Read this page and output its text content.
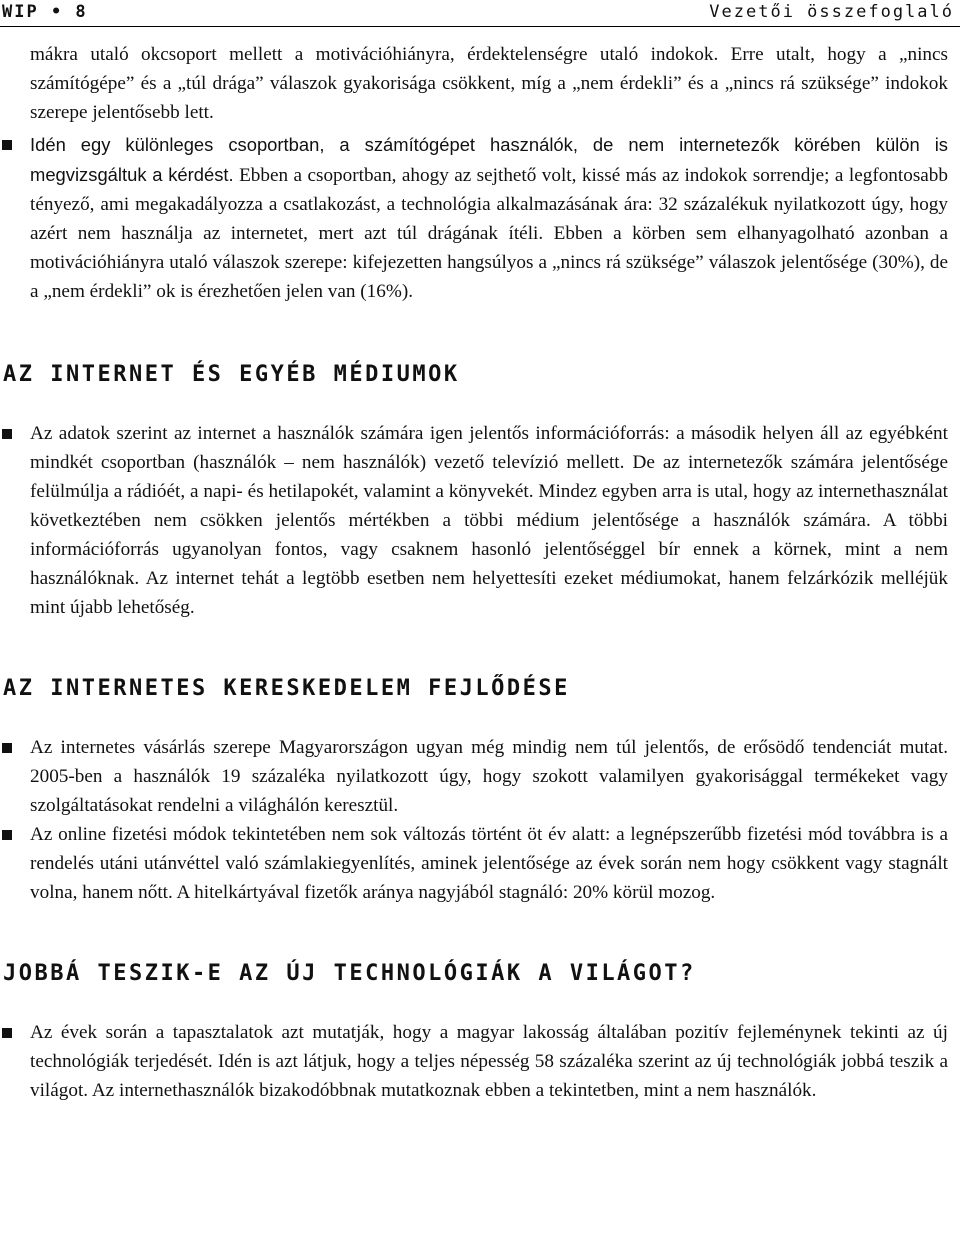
WIP • 8	Vezetői összefoglaló

mákra utaló okcsoport mellett a motivációhiányra, érdektelenségre utaló indokok. Erre utalt, hogy a „nincs számítógépe” és a „túl drága” válaszok gyakorisága csökkent, míg a „nem érdekli” és a „nincs rá szüksége” indokok szerepe jelentősebb lett.

Idén egy különleges csoportban, a számítógépet használók, de nem internetezők körében külön is megvizsgáltuk a kérdést. Ebben a csoportban, ahogy az sejthető volt, kissé más az indokok sorrendje; a legfontosabb tényező, ami megakadályozza a csatlakozást, a technológia alkalmazásának ára: 32 százalékuk nyilatkozott úgy, hogy azért nem használja az internetet, mert azt túl drágának ítéli. Ebben a körben sem elhanyagolható azonban a motivációhiányra utaló válaszok szerepe: kifejezetten hangsúlyos a „nincs rá szüksége” válaszok jelentősége (30%), de a „nem érdekli” ok is érezhetően jelen van (16%).

AZ INTERNET ÉS EGYÉB MÉDIUMOK

Az adatok szerint az internet a használók számára igen jelentős információforrás: a második helyen áll az egyébként mindkét csoportban (használók – nem használók) vezető televízió mellett. De az internetezők számára jelentősége felülmúlja a rádióét, a napi- és hetilapokét, valamint a könyvekét. Mindez egyben arra is utal, hogy az internethasználat következtében nem csökken jelentős mértékben a többi médium jelentősége a használók számára. A többi információforrás ugyanolyan fontos, vagy csaknem hasonló jelentőséggel bír ennek a körnek, mint a nem használóknak. Az internet tehát a legtöbb esetben nem helyettesíti ezeket médiumokat, hanem felzárkózik melléjük mint újabb lehetőség.

AZ INTERNETES KERESKEDELEM FEJLŐDÉSE

Az internetes vásárlás szerepe Magyarországon ugyan még mindig nem túl jelentős, de erősödő tendenciát mutat. 2005-ben a használók 19 százaléka nyilatkozott úgy, hogy szokott valamilyen gyakorisággal termékeket vagy szolgáltatásokat rendelni a világhálón keresztül.

Az online fizetési módok tekintetében nem sok változás történt öt év alatt: a legnépszerűbb fizetési mód továbbra is a rendelés utáni utánvéttel való számlakiegyenlítés, aminek jelentősége az évek során nem hogy csökkent vagy stagnált volna, hanem nőtt. A hitelkártyával fizetők aránya nagyjából stagnáló: 20% körül mozog.

JOBBÁ TESZIK-E AZ ÚJ TECHNOLÓGIÁK A VILÁGOT?

Az évek során a tapasztalatok azt mutatják, hogy a magyar lakosság általában pozitív fejleménynek tekinti az új technológiák terjedését. Idén is azt látjuk, hogy a teljes népesség 58 százaléka szerint az új technológiák jobbá teszik a világot. Az internethasználók bizakodóbbnak mutatkoznak ebben a tekintetben, mint a nem használók.
